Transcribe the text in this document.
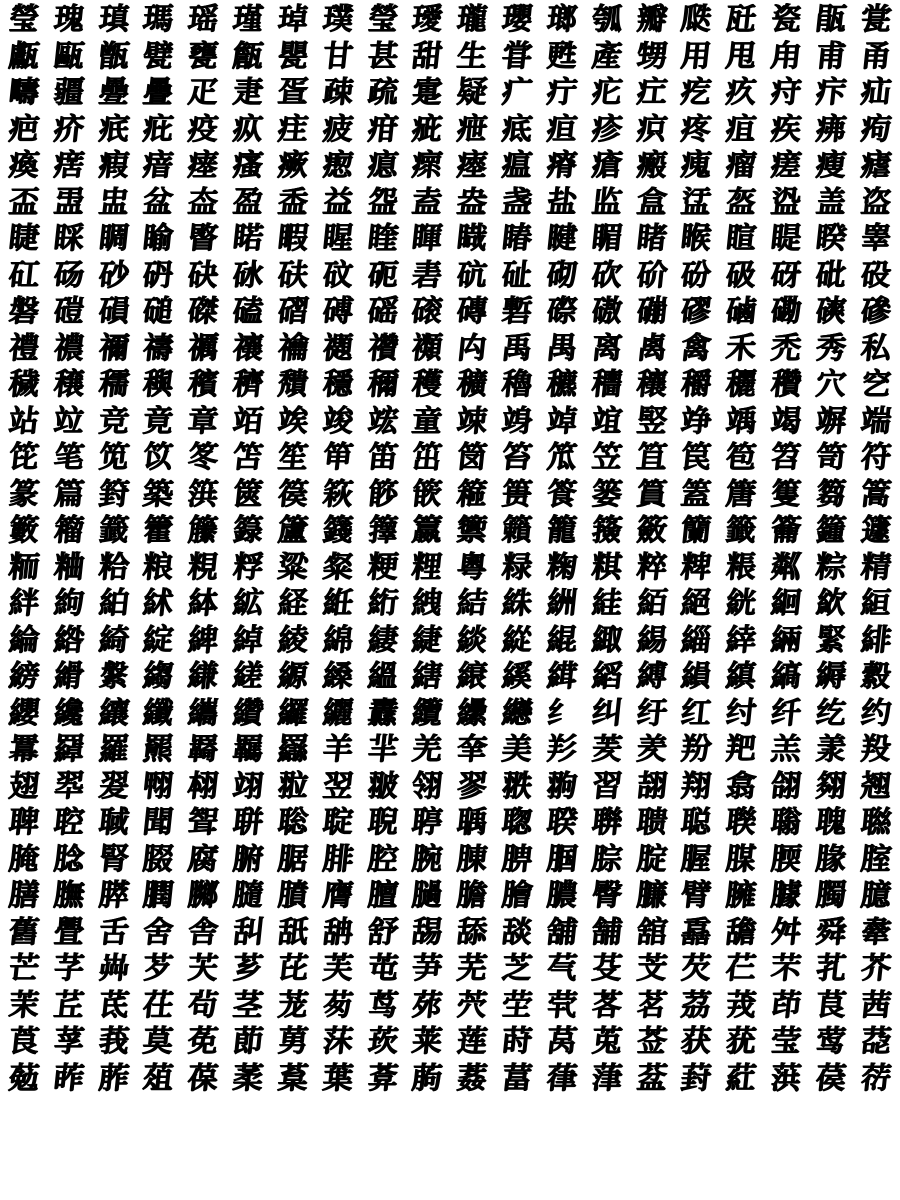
瑩 瑰 瑱 瑪 瑶 瑾 琸 璞 瑩 璦 瓏 瓔 瑯 瓠 瓣 瓞 瓩 瓷 瓹 瓽
甗 甌 甑 甓 甕 甔 甖 甘 甚 甜 生 甞 甦 產 甥 用 甩 甪 甫 甬
疇 疆 疉 疊 疋 疌 疍 疎 疏 疐 疑 疒 疔 疕 疘 疙 疚 疛 疜 疝
疤 疥 疧 疪 疫 疭 疰 疲 疳 疵 疶 疷 疸 疹 疻 疼 疽 疾 疿 痀
瘓 瘔 瘕 瘖 瘗 瘙 瘚 瘛 瘜 瘝 瘞 瘟 瘠 瘡 瘢 瘣 瘤 瘥 瘦 瘧
盃 盄 盅 盆 盇 盈 盉 益 盌 盍 盎 盏 盐 监 盒 盓 盔 盕 盖 盗
睫 睬 睭 睮 睯 睰 睱 睲 睳 睴 睵 睶 睷 睸 睹 睺 睻 睼 睽 睾
矼 砀 砂 砃 砄 砅 砆 砇 砈 砉 砊 砋 砌 砍 砎 砏 砐 砑 砒 砓
磐 磑 磒 磓 磔 磕 磖 磗 磘 磙 磚 磛 磜 磝 磞 磟 磠 磡 磢 磣
禮 禯 禰 禱 禲 禳 禴 禵 禶 禷 禸 禹 禺 离 禼 禽 禾 禿 秀 私
穢 穣 穤 穥 穦 穧 穨 穩 穪 穫 穬 穭 穮 穯 穰 穱 穲 穳 穴 穵
站 竝 竞 竟 章 竡 竢 竣 竤 童 竦 竧 竨 竩 竪 竫 竬 竭 竮 端
笓 笔 笕 笖 笗 笘 笙 笚 笛 笜 笝 笞 笟 笠 笡 笢 笣 笤 笥 符
篆 篇 篈 築 篊 篋 篌 篍 篎 篏 篐 篑 篒 篓 篔 篕 篖 篗 篘 篙
籔 籕 籖 籗 籘 籙 籚 籛 籜 籝 籞 籟 籠 籡 籢 籣 籤 籥 籦 籧
粫 粬 粭 粮 粯 粰 粱 粲 粳 粴 粵 粶 粷 粸 粹 粺 粻 粼 粽 精
絆 絇 絈 絉 絊 絋 経 絍 絎 絏 結 絑 絒 絓 絔 絕 絖 絗 絘 絙
綸 綹 綺 綻 綼 綽 綾 綿 緀 緁 緂 緃 緄 緅 緆 緇 緈 緉 緊 緋
縍 縎 縏 縐 縑 縒 縓 縔 縕 縖 縗 縘 縙 縚 縛 縜 縝 縞 縟 縠
纓 纔 纕 纖 纗 纘 纙 纚 纛 纜 纝 纞 纟 纠 纡 红 纣 纤 纥 约
羃 羄 羅 羆 羇 羈 羉 羊 羋 羌 羍 美 羏 羐 羑 羒 羓 羔 羕 羖
翅 翆 翇 翈 翉 翊 翋 翌 翍 翎 翏 翐 翑 習 翓 翔 翕 翖 翗 翘
聛 聜 聝 聞 聟 聠 聡 聢 聣 聤 聥 聦 聧 聨 聩 聪 聫 聬 聭 聮
腌 腍 腎 腏 腐 腑 腒 腓 腔 腕 腖 腗 腘 腙 腚 腛 腜 腝 腞 腟
膳 膴 膵 膶 膷 膸 膹 膺 膻 膼 膽 膾 膿 臀 臁 臂 臃 臄 臅 臆
舊 舋 舌 舍 舎 舏 舐 舑 舒 舓 舔 舕 舖 舗 舘 舙 舚 舛 舜 舝
芒 芓 芔 芕 芖 芗 芘 芙 芚 芛 芜 芝 芞 芟 芠 芡 芢 芣 芤 芥
茉 茊 茋 茌 茍 茎 茏 茐 茑 茒 茓 茔 茕 茖 茗 茘 茙 茚 茛 茜
莨 莩 莪 莫 莬 莭 莮 莯 莰 莱 莲 莳 莴 莵 莶 获 莸 莹 莺 莻
葂 葃 葄 葅 葆 葇 葈 葉 葊 葋 葌 葍 葎 葏 葐 葑 葒 葓 葔 葕
